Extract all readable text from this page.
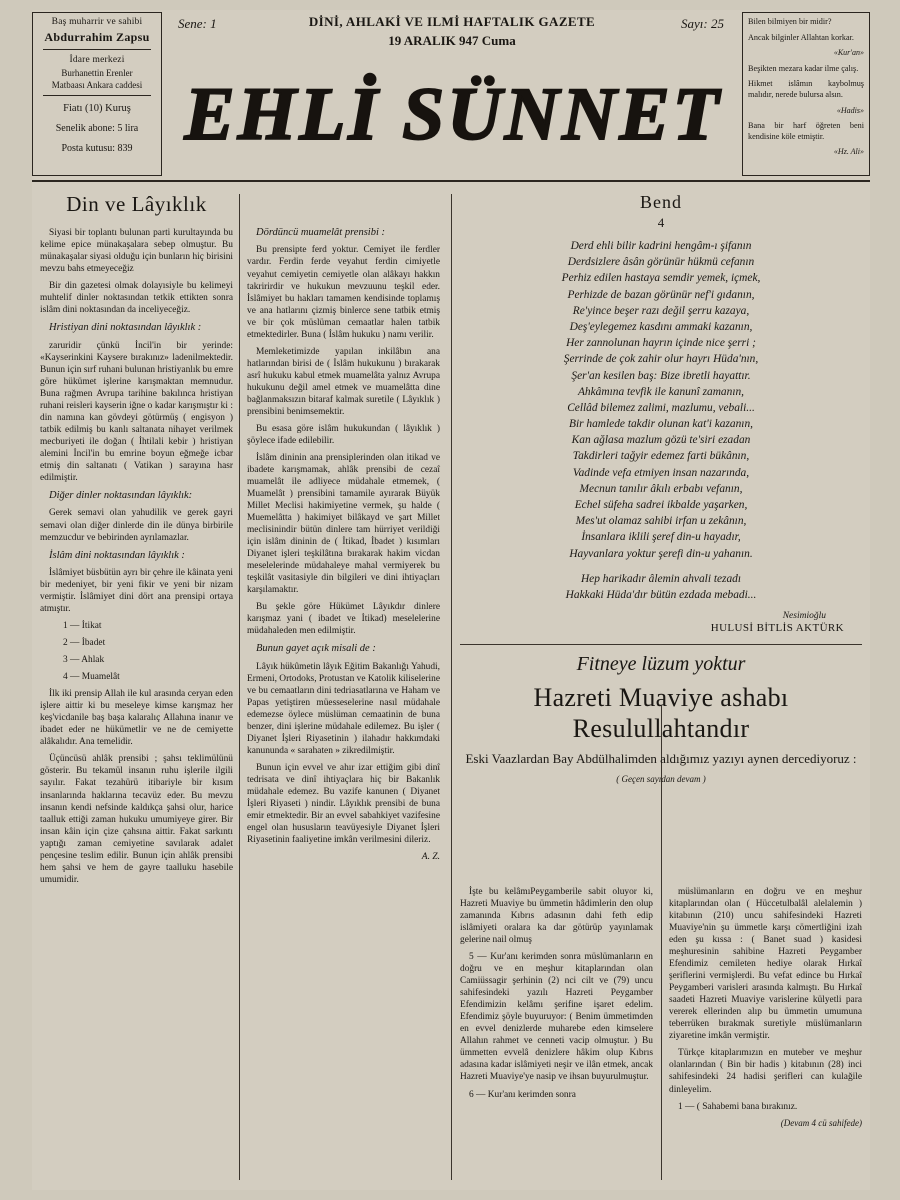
Baş muharrir ve sahibi
Abdurrahim Zapsu
İdare merkezi
Burhanettin Erenler
Matbaası Ankara caddesi
Fiatı (10) Kuruş
Senelik abone: 5 lira
Posta kutusu: 839
DİNİ, AHLAKİ VE ILMİ HAFTALIK GAZETE
19 ARALIK 947 Cuma
Sene: 1	Sayı: 25
EHLİ SÜNNET

Bilen bilmiyen bir midir?

Ancak bilginler Allahtan korkar.

«Kur'an»

Beşikten mezara kadar ilme çalış.

Hikmet islâmın kaybolmuş malıdır, nerede bulursa alsın.

«Hadis»

Bana bir harf öğreten beni kendisine köle etmiştir.

«Hz. Ali»

Din ve Lâyıklık

Siyasi bir toplantı bulunan parti kurultayında bu kelime epice münakaşalara sebep olmuştur. Bu münakaşalar siyasi olduğu için bunların hiç birisini mevzu bahs etmeyeceğiz

Bir din gazetesi olmak dolayısiyle bu kelimeyi muhtelif dinler noktasından tetkik ettikten sonra islâm dini noktasından da inceliyeceğiz.

Hristiyan dini noktasından lâyıklık :

zaruridir çünkü İncil'in bir yerinde: «Kayserinkini Kaysere bırakınız» ladenilmektedir. Bunun için sırf ruhani bulunan hristiyanlık bu emre göre hükümet işlerine karışmaktan memnudur. Buna rağmen Avrupa tarihine bakılınca hristiyan ruhani reisleri kayserin iğne o kadar karışmıştır ki : din namına kan gövdeyi götürmüş ( engisyon ) tatbik edilmiş bu kanlı saltanata nihayet verilmek mecburiyeti ile doğan ( İhtilali kebir ) hristiyan alemini İncil'in bu emrine boyun eğmeğe icbar etmiş din saltanatı ( Vatikan ) sarayına hasr edilmiştir.

Diğer dinler noktasından lâyıklık:

Gerek semavi olan yahudilik ve gerek gayri semavi olan diğer dinlerde din ile dünya birbirile memzucdur ve bebirinden ayrılamazlar.

İslâm dini noktasından lâyıklık :

İslâmiyet büsbütün ayrı bir çehre ile kâinata yeni bir medeniyet, bir yeni fikir ve yeni bir nizam vermiştir. İslâmiyet dini dört ana prensipi ortaya atmıştır.

1 — İtikat

2 — İbadet

3 — Ahlak

4 — Muamelât

İlk iki prensip Allah ile kul arasında ceryan eden işlere aittir ki bu meseleye kimse karışmaz her keş'vicdanile baş başa kalaralıç Allahına inanır ve ibadet eder ne hükümetlir ve ne de cemiyette alâkalıdır. Ana temelidir.

Üçüncüsü ahlâk prensibi ; şahsı teklimülünü gösterir. Bu tekamül insanın ruhu işlerile ilgili sayılır. Fakat tezahürü itibariyle bir kısım insanlarında haklarına tecavüz eder. Bu mevzu insanın kendi nefsinde kaldıkça şahsi olur, harice taalluk ettiği zaman hukuku umumiyeye girer. Bir insan kâin için çize çahsına aittir. Fakat sarkıntı yaptığı zaman cemiyetine savılarak adalet pençesine teslim edilir. Bunun için ahlâk prensibi hem şahsi ve hem de gayre taalluku hasebile umumidir.

Dördüncü muamelât prensibi :

Bu prensipte ferd yoktur. Cemiyet ile ferdler vardır. Ferdin ferde veyahut ferdin cimiyetle veyahut cemiyetin cemiyetle olan alâkayı hakkın takririrdir ve hukukun mevzuunu teşkil eder. İslâmiyet bu hakları tamamen kendisinde toplamış ve ana hatlarını çizmiş binlerce sene tatbik etmiş ve bir çok müslüman cemaatlar halen tatbik etmektedirler. Buna ( İslâm hukuku ) namı verilir.

Memleketimizde yapılan inkilâbın ana hatlarından birisi de ( İslâm hukukunu ) bırakarak asrî hukuku kabul etmek muamelâta yalnız Avrupa hukukunu değil amel etmek ve muamelâtta dine bağlanmaksızın bitaraf kalmak suretile ( Lâyıklık ) prensibini benimsemektir.

Bu esasa göre islâm hukukundan ( lâyıklık ) şöylece ifade edilebilir.

İslâm dininin ana prensiplerinden olan itikad ve ibadete karışmamak, ahlâk prensibi de cezaî muamelât ile adliyece müdahale etmemek, ( Muamelât ) prensibini tamamile ayırarak Büyük Millet Meclisi hakimiyetine vermek, şu halde ( Muemelâtta ) hakimiyet bilâkayd ve şart Millet meclisinindir bütün dinlere tam hürriyet verildiği için islâm dininin de ( İtikad, İbadet ) kısımları Diyanet işleri teşkilâtına bırakarak hakim vicdan meselelerinde müdahaleye mahal vermiyerek bu teşkilât vasitasiyle din bilgileri ve dini ihtiyaçları karşılamaktır.

Bu şekle göre Hükümet Lâyıkdır dinlere karışmaz yani ( ibadet ve İtikad) meselelerine müdahaleden men edilmiştir.

Bunun gayet açık misali de :

Lâyık hükûmetin lâyık Eğitim Bakanlığı Yahudi, Ermeni, Ortodoks, Protustan ve Katolik kiliselerine ve bu cemaatların dini tedriasatlarına ve Haham ve Papas yetiştiren müesseselerine nasıl müdahale edemezse öylece müslüman cemaatinin de buna benzer, dini işlerine müdahale edilemez. Bu işler ( Diyanet İşleri Riyasetinin ) ilahadır hakkımdaki kanununda « sarahaten » zikredilmiştir.

Bunun için evvel ve ahır izar ettiğim gibi dinî tedrisata ve dinî ihtiyaçlara hiç bir Bakanlık müdahale edemez. Bu vazife kanunen ( Diyanet İşleri Riyaseti ) nindir. Lâyıklık prensibi de buna emir etmektedir. Bir an evvel sabahkiyet vazifesine engel olan hususların teavüyesiyle Diyanet İşleri Riyasetinin faaliyetine imkân verilmesini dileriz.

A. Z.
Bend
4
Derd ehli bilir kadrini hengâm-ı şifanın
Derdsizlere âsân görünür hükmü cefanın
Perhiz edilen hastaya semdir yemek, içmek,
Perhizde de bazan görünür nef'i gıdanın,
Re'yince beşer razı değil şerru kazaya,
Deş'eylegemez kasdını ammaki kazanın,
Her zannolunan hayrın içinde nice şerri ;
Şerrinde de çok zahir olur hayrı Hüda'nın,
Şer'an kesilen baş: Bize ibretli hayattır.
Ahkâmına tevfik ile kanunî zamanın,
Cellâd bilemez zalimi, mazlumu, vebali...
Bir hamlede takdir olunan kat'i kazanın,
Kan ağlasa mazlum gözü te'siri ezadan
Takdirleri tağyir edemez farti bükânın,
Vadinde vefa etmiyen insan nazarında,
Mecnun tanılır âkılı erbabı vefanın,
Echel süfeha sadrei ikbalde yaşarken,
Mes'ut olamaz sahibi irfan u zekânın,
İnsanlara iklili şeref din-u hayadır,
Hayvanlara yoktur şerefi din-u yahanın.
Hep harikadır âlemin ahvali tezadı
Hakkaki Hüda'dır bütün ezdada mebadi...
Nesimioğlu
HULUSİ BİTLİS AKTÜRK
Fitneye lüzum yoktur
Hazreti Muaviye ashabı
Resulullahtandır
Eski Vaazlardan Bay Abdülhalimden aldığımız yazıyı aynen dercediyoruz :
( Geçen sayıdan devam )

İşte bu kelâmıPeygamberile sabit oluyor ki, Hazreti Muaviye bu ümmetin hâdimlerin den olup zamanında Kıbrıs adasının dahi feth edip islâmiyeti oralara ka dar götürüp yayınlamak gelerine nail olmuş

5 — Kur'anı kerimden sonra müslümanların en doğru ve en meşhur kitaplarından olan Camiüssagir şerhinin (2) nci cilt ve (79) uncu sahifesindeki yazılı Hazreti Peygamber Efendimizin kelâmı şerifine işaret edelim. Efendimiz şöyle buyuruyor: ( Benim ümmetimden en evvel denizlerde muharebe eden kimselere Allahın rahmet ve cenneti vacip olmuştur. ) Bu ümmetten evvelâ denizlere hâkim olup Kıbrıs adasına kadar islâmiyeti neşir ve ilân etmek, ancak Hazreti Muaviye'ye nasip ve ihsan buyurulmuştur.

6 — Kur'anı kerimden sonra

müslümanların en doğru ve en meşhur kitaplarından olan ( Hüccetulbalâl alelalemin ) kitabının (210) uncu sahifesindeki Hazreti Muaviye'nin şu ümmetle karşı cömertliğini izah eden şu kıssa : ( Banet suad ) kasidesi meşhuresinin sahibine Hazreti Peygamber Efendimiz cemileten hediye olarak Hırkaî şeriflerini vermişlerdi. Bu vefat edince bu Hırkaî Peygamberi varisleri arasında kalmıştı. Bu Hırkaî saadeti Hazreti Muaviye varislerine külyetli para vererek ellerinden alıp bu ümmetin umumuna teberrüken bırakmak suretiyle müslümanların ziyaretine imkân vermiştir.

Türkçe kitaplarımızın en muteber ve meşhur olanlarından ( Bin bir hadis ) kitabının (28) inci sahifesindeki 24 hadisi şerifleri can kulağile dinleyelim.

1 — ( Sahabemi bana bırakınız.

(Devam 4 cü sahifede)
